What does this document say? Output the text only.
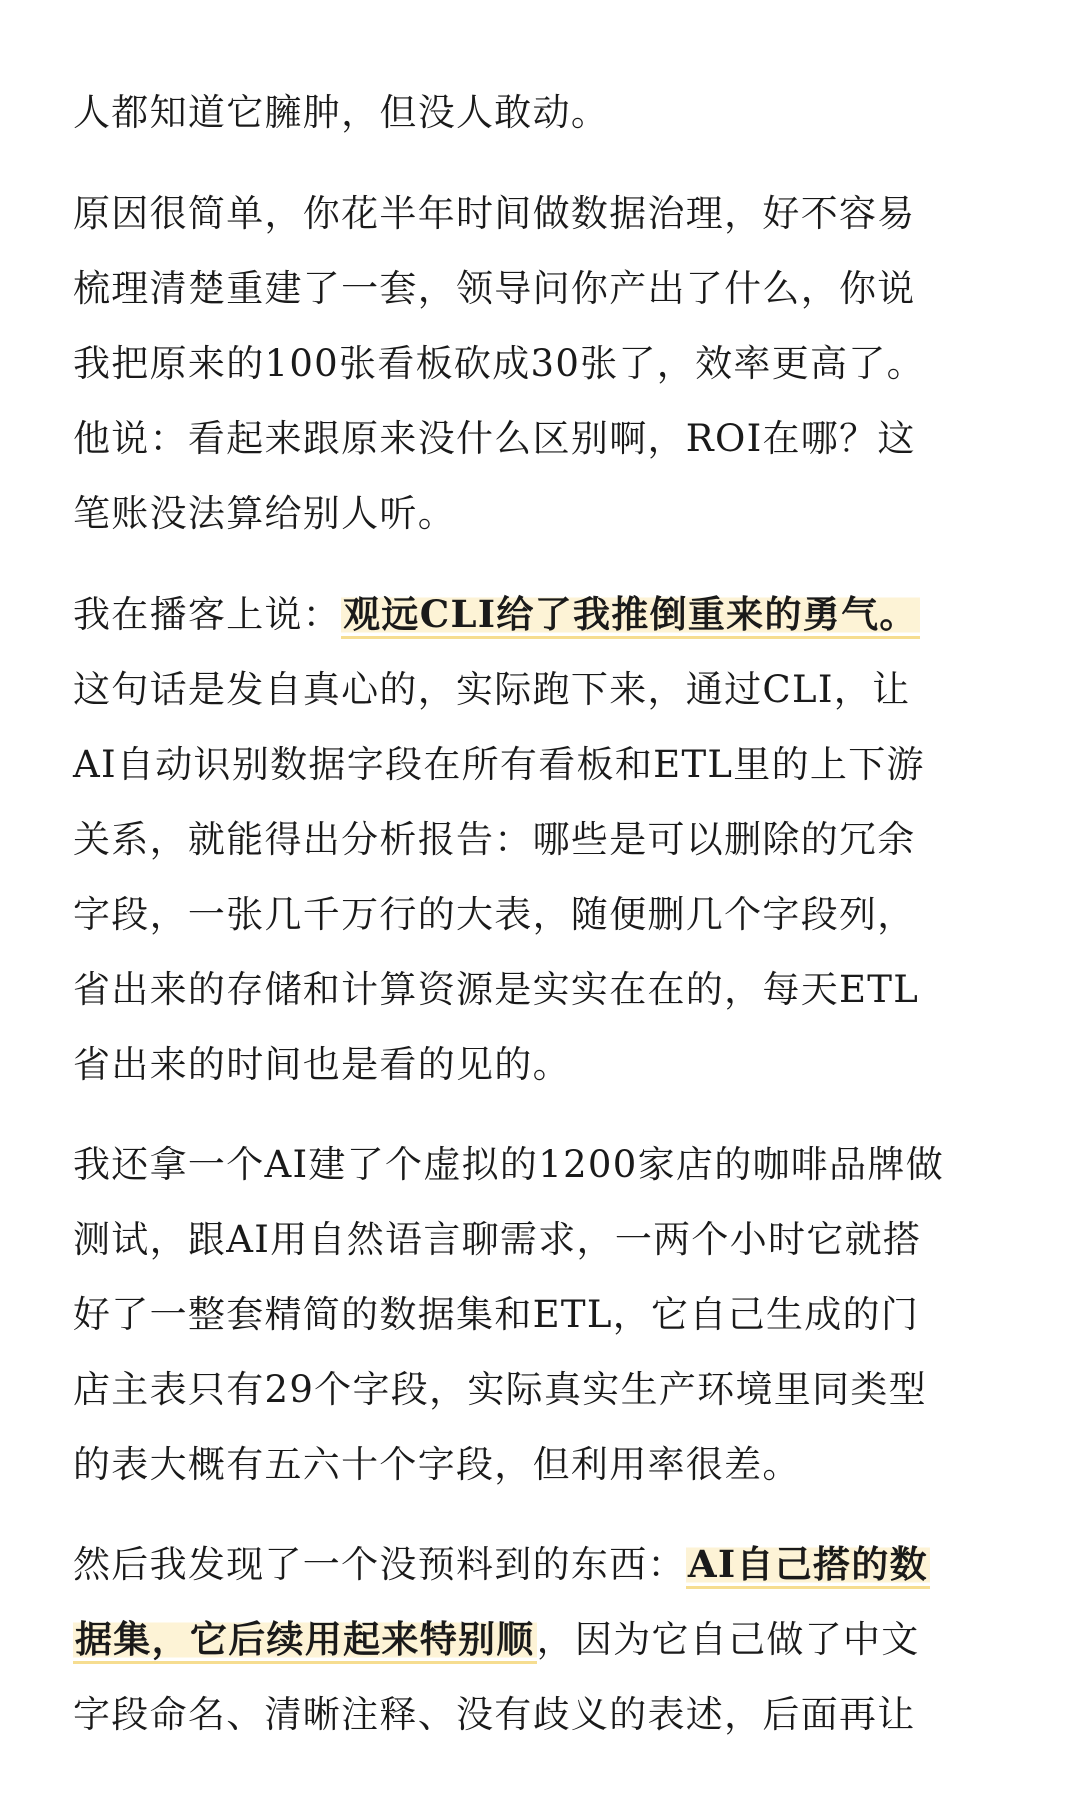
人都知道它臃肿，但没人敢动。

原因很简单，你花半年时间做数据治理，好不容易
梳理清楚重建了一套，领导问你产出了什么，你说
我把原来的100张看板砍成30张了，效率更高了。
他说：看起来跟原来没什么区别啊，ROI在哪？这
笔账没法算给别人听。

我在播客上说：观远CLI给了我推倒重来的勇气。
这句话是发自真心的，实际跑下来，通过CLI，让
AI自动识别数据字段在所有看板和ETL里的上下游
关系，就能得出分析报告：哪些是可以删除的冗余
字段，一张几千万行的大表，随便删几个字段列，
省出来的存储和计算资源是实实在在的，每天ETL
省出来的时间也是看的见的。

我还拿一个AI建了个虚拟的1200家店的咖啡品牌做
测试，跟AI用自然语言聊需求，一两个小时它就搭
好了一整套精简的数据集和ETL，它自己生成的门
店主表只有29个字段，实际真实生产环境里同类型
的表大概有五六十个字段，但利用率很差。

然后我发现了一个没预料到的东西：AI自己搭的数
据集，它后续用起来特别顺，因为它自己做了中文
字段命名、清晰注释、没有歧义的表述，后面再让
